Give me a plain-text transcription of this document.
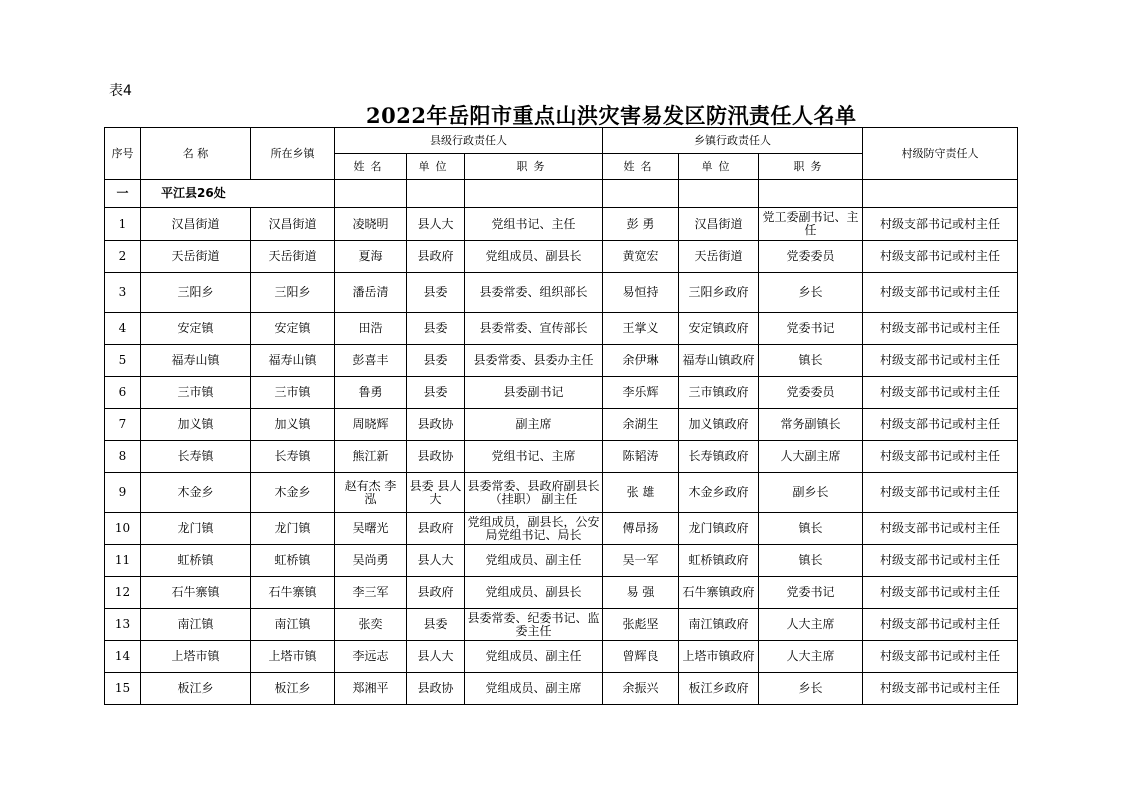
表4
2022年岳阳市重点山洪灾害易发区防汛责任人名单
序号	名 称	所在乡镇	县级行政责任人			乡镇行政责任人			村级防守责任人
			姓名	单位	职务	姓名	单位	职务	
一	平江县26处								

1	汉昌街道	汉昌街道	凌晓明	县人大	党组书记、主任	彭 勇	汉昌街道	党工委副书记、主任	村级支部书记或村主任

2	天岳街道	天岳街道	夏海	县政府	党组成员、副县长	黄宽宏	天岳街道	党委委员	村级支部书记或村主任

3	三阳乡	三阳乡	潘岳清	县委	县委常委、组织部长	易恒持	三阳乡政府	乡长	村级支部书记或村主任

4	安定镇	安定镇	田浩	县委	县委常委、宣传部长	王掌义	安定镇政府	党委书记	村级支部书记或村主任

5	福寿山镇	福寿山镇	彭喜丰	县委	县委常委、县委办主任	余伊琳	福寿山镇政府	镇长	村级支部书记或村主任

6	三市镇	三市镇	鲁勇	县委	县委副书记	李乐辉	三市镇政府	党委委员	村级支部书记或村主任

7	加义镇	加义镇	周晓辉	县政协	副主席	余湖生	加义镇政府	常务副镇长	村级支部书记或村主任

8	长寿镇	长寿镇	熊江新	县政协	党组书记、主席	陈韬涛	长寿镇政府	人大副主席	村级支部书记或村主任

9	木金乡	木金乡	赵有杰 李 泓	县委 县人大	县委常委、县政府副县长（挂职） 副主任	张 雄	木金乡政府	副乡长	村级支部书记或村主任

10	龙门镇	龙门镇	吴曙光	县政府	党组成员，副县长，公安局党组书记、局长	傅昂扬	龙门镇政府	镇长	村级支部书记或村主任

11	虹桥镇	虹桥镇	吴尚勇	县人大	党组成员、副主任	吴一军	虹桥镇政府	镇长	村级支部书记或村主任

12	石牛寨镇	石牛寨镇	李三军	县政府	党组成员、副县长	易 强	石牛寨镇政府	党委书记	村级支部书记或村主任

13	南江镇	南江镇	张奕	县委	县委常委、纪委书记、监委主任	张彪坚	南江镇政府	人大主席	村级支部书记或村主任

14	上塔市镇	上塔市镇	李远志	县人大	党组成员、副主任	曾辉良	上塔市镇政府	人大主席	村级支部书记或村主任

15	板江乡	板江乡	郑湘平	县政协	党组成员、副主席	余振兴	板江乡政府	乡长	村级支部书记或村主任
